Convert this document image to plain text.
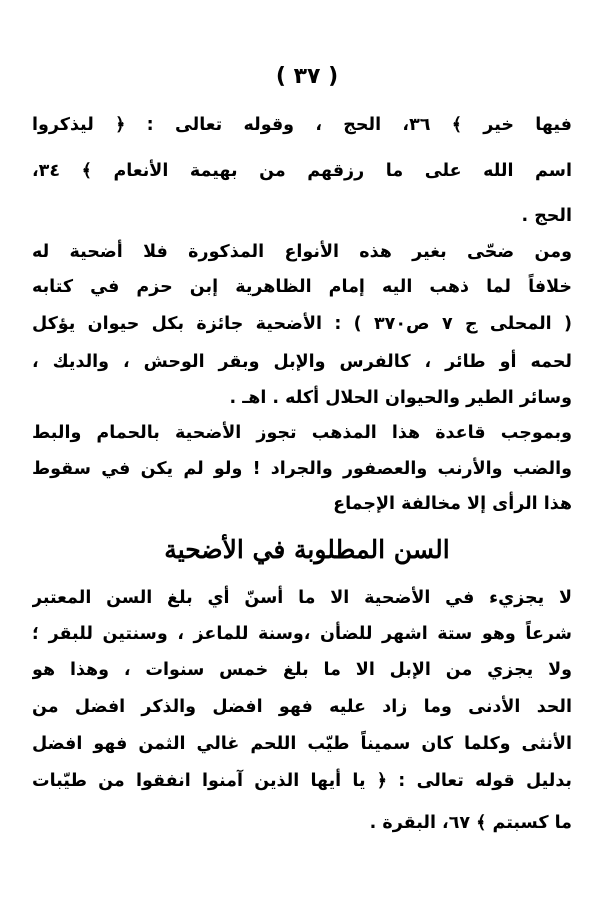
( ٣٧ )
فيها خير ﴾ ٣٦، الحج ، وقوله تعالى : ﴿ ليذكروا
اسم الله على ما رزقهم من بهيمة الأنعام ﴾ ٣٤،
الحج .
ومن ضحّى بغير هذه الأنواع المذكورة فلا أضحية له
خلافاً لما ذهب اليه إمام الظاهرية إبن حزم في كتابه
( المحلى ج ٧ ص٣٧٠ ) : الأضحية جائزة بكل حيوان يؤكل
لحمه أو طائر ، كالفرس والإبل وبقر الوحش ، والديك ،
وسائر الطير والحيوان الحلال أكله . اهـ .
وبموجب قاعدة هذا المذهب تجوز الأضحية بالحمام والبط
والضب والأرنب والعصفور والجراد ! ولو لم يكن في سقوط
هذا الرأى إلا مخالفة الإجماع
السن المطلوبة في الأضحية
لا يجزيء في الأضحية الا ما أسنّ أي بلغ السن المعتبر
شرعاً وهو ستة اشهر للضأن ،وسنة للماعز ، وسنتين للبقر ؛
ولا يجزي من الإبل الا ما بلغ خمس سنوات ، وهذا هو
الحد الأدنى وما زاد عليه فهو افضل والذكر افضل من
الأنثى وكلما كان سميناً طيّب اللحم غالي الثمن فهو افضل
بدليل قوله تعالى : ﴿ يا أيها الذين آمنوا انفقوا من طيّبات
ما كسبتم ﴾ ٦٧، البقرة .
